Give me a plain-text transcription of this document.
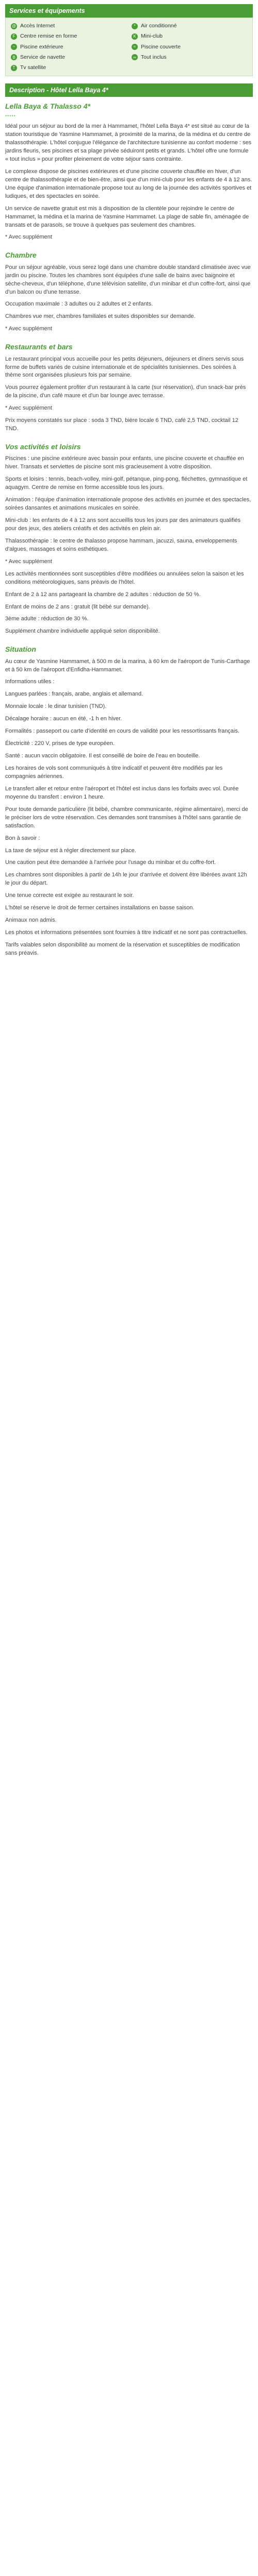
Services et équipements
@ Accès Internet	* Air conditionné
F Centre remise en forme	K Mini-club
~ Piscine extérieure	≈ Piscine couverte
B Service de navette	∞ Tout inclus
T Tv satellite
Description - Hôtel Lella Baya 4*
Lella Baya & Thalasso 4*
*****

Idéal pour un séjour au bord de la mer à Hammamet, l'hôtel Lella Baya 4* est situé au cœur de la station touristique de Yasmine Hammamet, à proximité de la marina, de la médina et du centre de thalassothérapie. L'hôtel conjugue l'élégance de l'architecture tunisienne au confort moderne : ses jardins fleuris, ses piscines et sa plage privée séduiront petits et grands. L'hôtel offre une formule « tout inclus » pour profiter pleinement de votre séjour sans contrainte.

Le complexe dispose de piscines extérieures et d'une piscine couverte chauffée en hiver, d'un centre de thalassothérapie et de bien-être, ainsi que d'un mini-club pour les enfants de 4 à 12 ans. Une équipe d'animation internationale propose tout au long de la journée des activités sportives et ludiques, et des spectacles en soirée.

Un service de navette gratuit est mis à disposition de la clientèle pour rejoindre le centre de Hammamet, la médina et la marina de Yasmine Hammamet. La plage de sable fin, aménagée de transats et de parasols, se trouve à quelques pas seulement des chambres.

* Avec supplément

Chambre

Pour un séjour agréable, vous serez logé dans une chambre double standard climatisée avec vue jardin ou piscine. Toutes les chambres sont équipées d'une salle de bains avec baignoire et sèche-cheveux, d'un téléphone, d'une télévision satellite, d'un minibar et d'un coffre-fort, ainsi que d'un balcon ou d'une terrasse.

Occupation maximale : 3 adultes ou 2 adultes et 2 enfants.

Chambres vue mer, chambres familiales et suites disponibles sur demande.

* Avec supplément

Restaurants et bars

Le restaurant principal vous accueille pour les petits déjeuners, déjeuners et dîners servis sous forme de buffets variés de cuisine internationale et de spécialités tunisiennes. Des soirées à thème sont organisées plusieurs fois par semaine.

Vous pourrez également profiter d'un restaurant à la carte (sur réservation), d'un snack-bar près de la piscine, d'un café maure et d'un bar lounge avec terrasse.

* Avec supplément

Prix moyens constatés sur place : soda 3 TND, bière locale 6 TND, café 2,5 TND, cocktail 12 TND.

Vos activités et loisirs

Piscines : une piscine extérieure avec bassin pour enfants, une piscine couverte et chauffée en hiver. Transats et serviettes de piscine sont mis gracieusement à votre disposition.

Sports et loisirs : tennis, beach-volley, mini-golf, pétanque, ping-pong, fléchettes, gymnastique et aquagym. Centre de remise en forme accessible tous les jours.

Animation : l'équipe d'animation internationale propose des activités en journée et des spectacles, soirées dansantes et animations musicales en soirée.

Mini-club : les enfants de 4 à 12 ans sont accueillis tous les jours par des animateurs qualifiés pour des jeux, des ateliers créatifs et des activités en plein air.

Thalassothérapie : le centre de thalasso propose hammam, jacuzzi, sauna, enveloppements d'algues, massages et soins esthétiques.

* Avec supplément

Les activités mentionnées sont susceptibles d'être modifiées ou annulées selon la saison et les conditions météorologiques, sans préavis de l'hôtel.

Enfant de 2 à 12 ans partageant la chambre de 2 adultes : réduction de 50 %.

Enfant de moins de 2 ans : gratuit (lit bébé sur demande).

3ème adulte : réduction de 30 %.

Supplément chambre individuelle appliqué selon disponibilité.

Situation

Au cœur de Yasmine Hammamet, à 500 m de la marina, à 60 km de l'aéroport de Tunis-Carthage et à 50 km de l'aéroport d'Enfidha-Hammamet.

Informations utiles :

Langues parlées : français, arabe, anglais et allemand.

Monnaie locale : le dinar tunisien (TND).

Décalage horaire : aucun en été, -1 h en hiver.

Formalités : passeport ou carte d'identité en cours de validité pour les ressortissants français.

Électricité : 220 V, prises de type européen.

Santé : aucun vaccin obligatoire. Il est conseillé de boire de l'eau en bouteille.

Les horaires de vols sont communiqués à titre indicatif et peuvent être modifiés par les compagnies aériennes.

Le transfert aller et retour entre l'aéroport et l'hôtel est inclus dans les forfaits avec vol. Durée moyenne du transfert : environ 1 heure.

Pour toute demande particulière (lit bébé, chambre communicante, régime alimentaire), merci de le préciser lors de votre réservation. Ces demandes sont transmises à l'hôtel sans garantie de satisfaction.

Bon à savoir :

La taxe de séjour est à régler directement sur place.

Une caution peut être demandée à l'arrivée pour l'usage du minibar et du coffre-fort.

Les chambres sont disponibles à partir de 14h le jour d'arrivée et doivent être libérées avant 12h le jour du départ.

Une tenue correcte est exigée au restaurant le soir.

L'hôtel se réserve le droit de fermer certaines installations en basse saison.

Animaux non admis.

Les photos et informations présentées sont fournies à titre indicatif et ne sont pas contractuelles.

Tarifs valables selon disponibilité au moment de la réservation et susceptibles de modification sans préavis.
